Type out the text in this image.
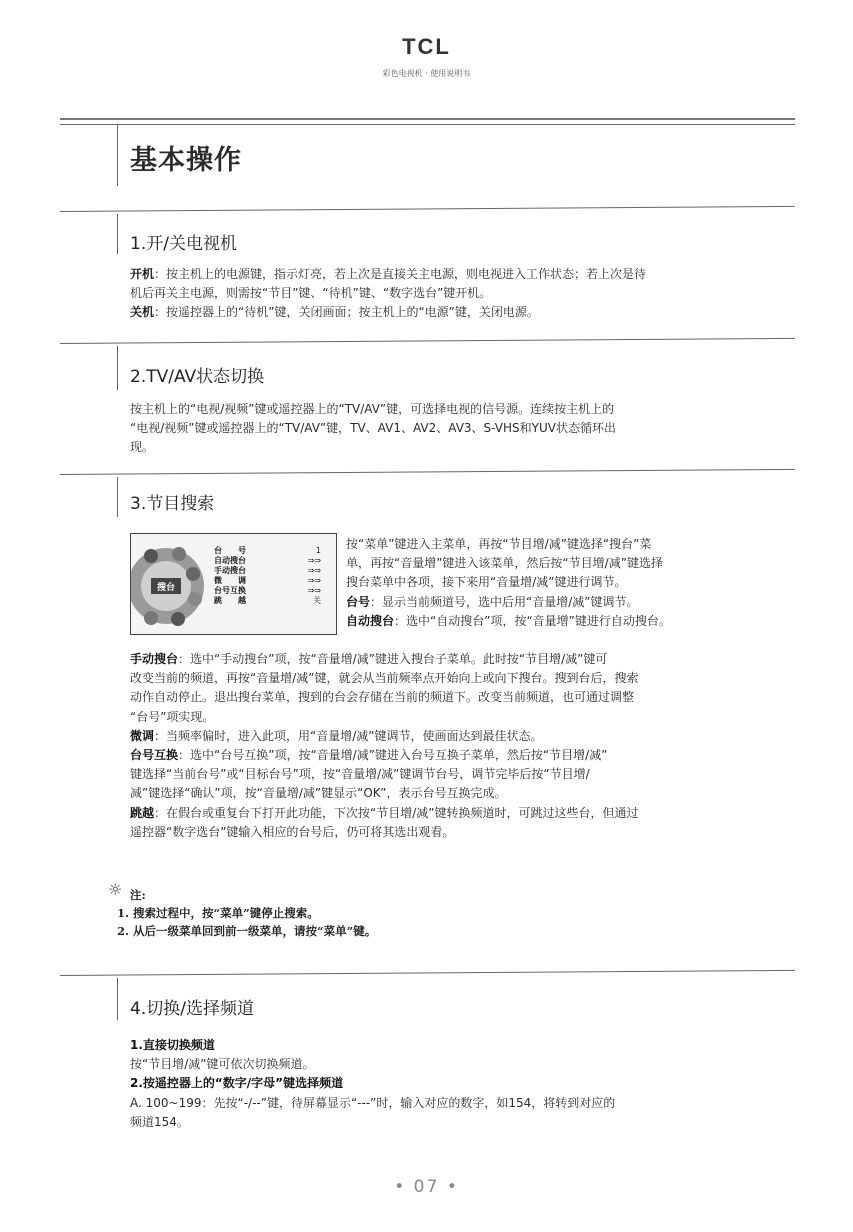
TCL
彩色电视机 · 使用说明书
基本操作
1.开/关电视机
开机：按主机上的电源键，指示灯亮，若上次是直接关主电源，则电视进入工作状态；若上次是待
机后再关主电源，则需按“节目”键、“待机”键、“数字选台”键开机。
关机：按遥控器上的“待机”键，关闭画面；按主机上的“电源”键，关闭电源。
2.TV/AV状态切换
按主机上的“电视/视频”键或遥控器上的“TV/AV”键，可选择电视的信号源。连续按主机上的
“电视/视频”键或遥控器上的“TV/AV”键，TV、AV1、AV2、AV3、S-VHS和YUV状态循环出
现。
3.节目搜索
搜台
台　　号	1
自动搜台	⇒⇒
手动搜台	⇒⇒
微　　调	⇒⇒
台号互换	⇒⇒
跳　　越	关
按“菜单”键进入主菜单，再按“节目增/减”键选择“搜台”菜
单，再按“音量增”键进入该菜单，然后按“节目增/减”键选择
搜台菜单中各项，接下来用“音量增/减”键进行调节。
台号：显示当前频道号，选中后用“音量增/减”键调节。
自动搜台：选中“自动搜台”项，按“音量增”键进行自动搜台。
手动搜台：选中“手动搜台”项，按“音量增/减”键进入搜台子菜单。此时按“节目增/减”键可
改变当前的频道，再按“音量增/减”键，就会从当前频率点开始向上或向下搜台。搜到台后，搜索
动作自动停止。退出搜台菜单，搜到的台会存储在当前的频道下。改变当前频道，也可通过调整
“台号”项实现。
微调：当频率偏时，进入此项，用“音量增/减”键调节，使画面达到最佳状态。
台号互换：选中“台号互换”项，按“音量增/减”键进入台号互换子菜单，然后按“节目增/减”
键选择“当前台号”或“目标台号”项，按“音量增/减”键调节台号，调节完毕后按“节目增/
减”键选择“确认”项，按“音量增/减”键显示“OK”，表示台号互换完成。
跳越：在假台或重复台下打开此功能，下次按“节目增/减”键转换频道时，可跳过这些台，但通过
遥控器“数字选台”键输入相应的台号后，仍可将其选出观看。
☼ 注:
1. 搜索过程中，按“菜单”键停止搜索。
2. 从后一级菜单回到前一级菜单，请按“菜单”键。
4.切换/选择频道
1.直接切换频道
按“节目增/减”键可依次切换频道。
2.按遥控器上的“数字/字母”键选择频道
A. 100~199：先按“-/--”键，待屏幕显示“---”时，输入对应的数字，如154，将转到对应的
频道154。
• 07 •
